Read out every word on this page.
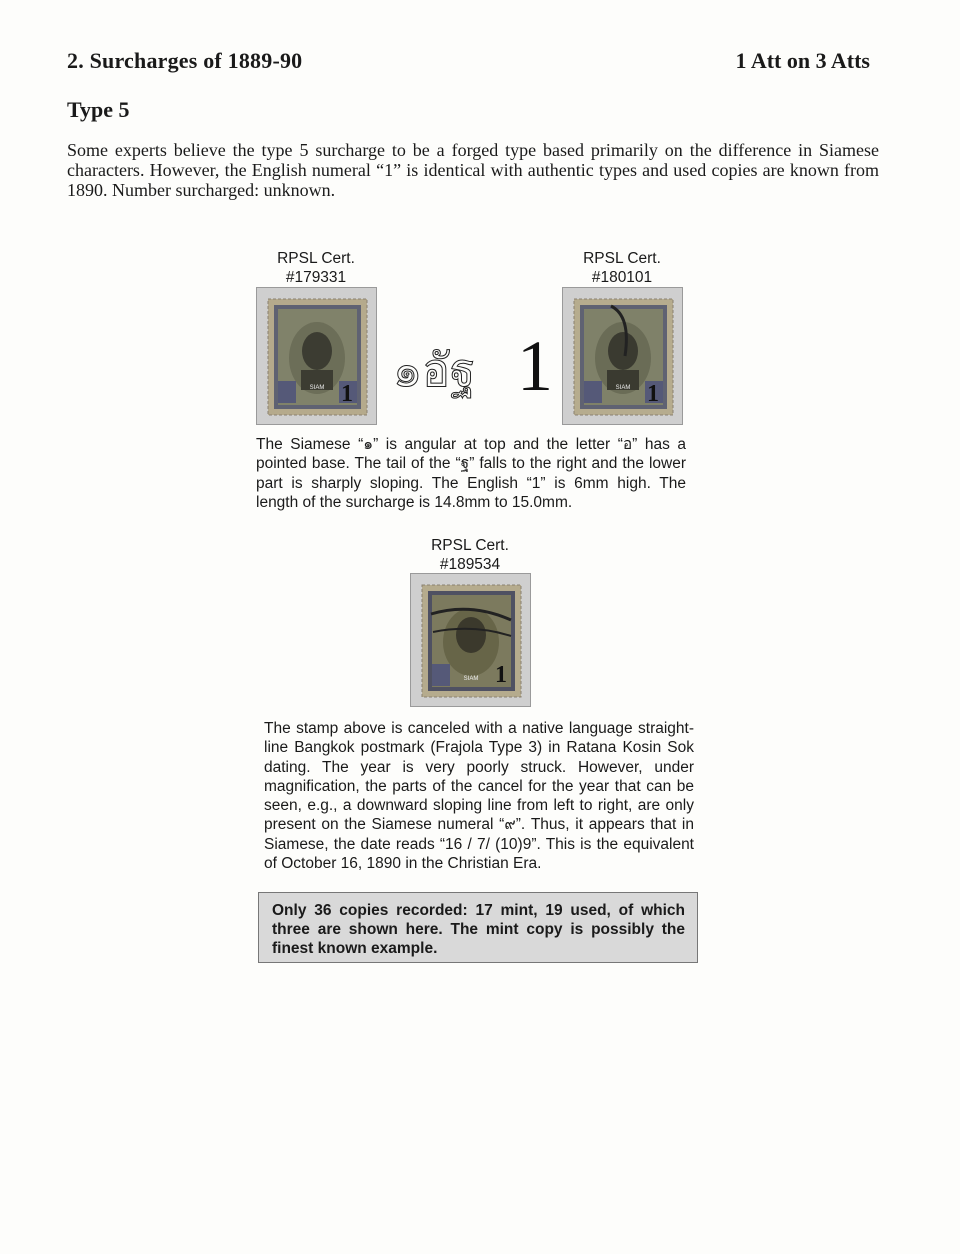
2. Surcharges of 1889-90	1 Att on 3 Atts
Type 5
Some experts believe the type 5 surcharge to be a forged type based primarily on the difference in Siamese characters. However, the English numeral “1” is identical with authentic types and used copies are known from 1890. Number surcharged: unknown.
RPSL Cert.
#179331
SIAM 1 ๑อัฐ 1
RPSL Cert.
#180101
SIAM 1
The Siamese “๑” is angular at top and the letter “อ” has a pointed base. The tail of the “ฐ” falls to the right and the lower part is sharply sloping. The English “1” is 6mm high. The length of the surcharge is 14.8mm to 15.0mm.
RPSL Cert.
#189534
SIAM 1
The stamp above is canceled with a native language straight-line Bangkok postmark (Frajola Type 3) in Ratana Kosin Sok dating. The year is very poorly struck. However, under magnification, the parts of the cancel for the year that can be seen, e.g., a downward sloping line from left to right, are only present on the Siamese numeral “๙”. Thus, it appears that in Siamese, the date reads “16 / 7/ (10)9”. This is the equivalent of October 16, 1890 in the Christian Era.
Only 36 copies recorded: 17 mint, 19 used, of which three are shown here. The mint copy is possibly the finest known example.
